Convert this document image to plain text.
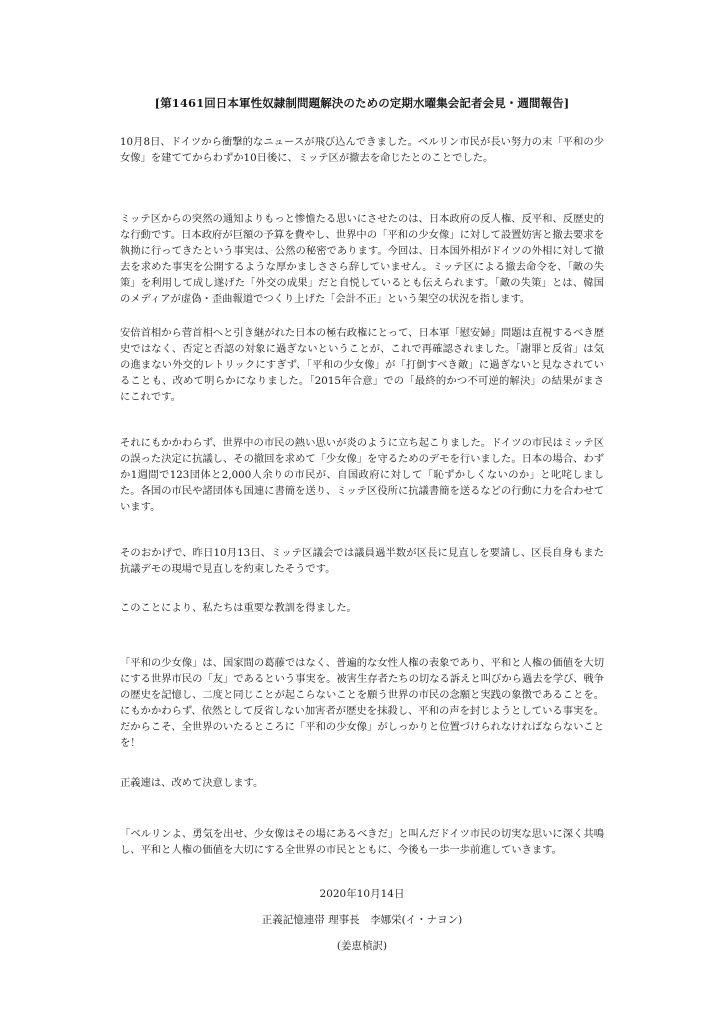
[第1461回日本軍性奴隷制問題解決のための定期水曜集会記者会見・週間報告]

10月8日、ドイツから衝撃的なニュースが飛び込んできました。ベルリン市民が長い努力の末「平和の少女像」を建ててからわずか10日後に、ミッテ区が撤去を命じたとのことでした。

ミッテ区からの突然の通知よりもっと惨憺たる思いにさせたのは、日本政府の反人権、反平和、反歴史的な行動です。日本政府が巨額の予算を費やし、世界中の「平和の少女像」に対して設置妨害と撤去要求を執拗に行ってきたという事実は、公然の秘密であります。今回は、日本国外相がドイツの外相に対して撤去を求めた事実を公開するような厚かましささら辞していません。ミッテ区による撤去命令を、「敵の失策」を利用して成し遂げた「外交の成果」だと自悦しているとも伝えられます。「敵の失策」とは、韓国のメディアが虚偽・歪曲報道でつくり上げた「会計不正」という架空の状況を指します。

安倍首相から菅首相へと引き継がれた日本の極右政権にとって、日本軍「慰安婦」問題は直視するべき歴史ではなく、否定と否認の対象に過ぎないということが、これで再確認されました。「謝罪と反省」は気の進まない外交的レトリックにすぎず、「平和の少女像」が「打倒すべき敵」に過ぎないと見なされていることも、改めて明らかになりました。「2015年合意」での「最終的かつ不可逆的解決」の結果がまさにこれです。

それにもかかわらず、世界中の市民の熱い思いが炎のように立ち起こりました。ドイツの市民はミッテ区の誤った決定に抗議し、その撤回を求めて「少女像」を守るためのデモを行いました。日本の場合、わずか1週間で123団体と2,000人余りの市民が、自国政府に対して「恥ずかしくないのか」と叱咤しました。各国の市民や諸団体も国連に書簡を送り、ミッテ区役所に抗議書簡を送るなどの行動に力を合わせています。

そのおかげで、昨日10月13日、ミッテ区議会では議員過半数が区長に見直しを要請し、区長自身もまた抗議デモの現場で見直しを約束したそうです。

このことにより、私たちは重要な教訓を得ました。

「平和の少女像」は、国家間の葛藤ではなく、普遍的な女性人権の表象であり、平和と人権の価値を大切にする世界市民の「友」であるという事実を。被害生存者たちの切なる訴えと叫びから過去を学び、戦争の歴史を記憶し、二度と同じことが起こらないことを願う世界の市民の念願と実践の象徴であることを。にもかかわらず、依然として反省しない加害者が歴史を抹殺し、平和の声を封じようとしている事実を。だからこそ、全世界のいたるところに「平和の少女像」がしっかりと位置づけられなければならないことを！

正義連は、改めて決意します。

「ベルリンよ、勇気を出せ、少女像はその場にあるべきだ」と叫んだドイツ市民の切実な思いに深く共鳴し、平和と人権の価値を大切にする全世界の市民とともに、今後も一歩一歩前進していきます。

2020年10月14日
正義記憶連帯 理事長　李娜栄(イ・ナヨン)
(姜恵楨訳)
